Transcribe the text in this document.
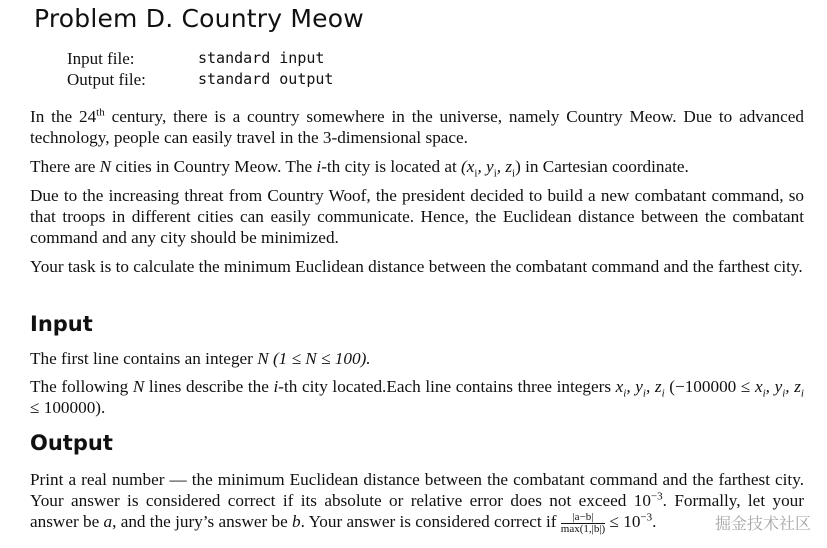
Problem D. Country Meow
Input file:	standard input
Output file:	standard output

In the 24th century, there is a country somewhere in the universe, namely Country Meow. Due to advanced technology, people can easily travel in the 3-dimensional space.

There are N cities in Country Meow. The i-th city is located at ($x_i$, $y_i$, $z_i$) in Cartesian coordinate.

Due to the increasing threat from Country Woof, the president decided to build a new combatant command, so that troops in different cities can easily communicate. Hence, the Euclidean distance between the combatant command and any city should be minimized.

Your task is to calculate the minimum Euclidean distance between the combatant command and the farthest city.

Input

The first line contains an integer N (1 ≤ N ≤ 100).

The following N lines describe the i-th city located.Each line contains three integers $x_i$, $y_i$, $z_i$ ($-100000 \le x_i$, $y_i$, $z_i \le 100000$).

Output

Print a real number — the minimum Euclidean distance between the combatant command and the farthest city. Your answer is considered correct if its absolute or relative error does not exceed $10^{-3}$. Formally, let your answer be a, and the jury’s answer be b. Your answer is considered correct if $\frac{|a-b|}{\max(1,|b|)} \le 10^{-3}$.	掘金技术社区
